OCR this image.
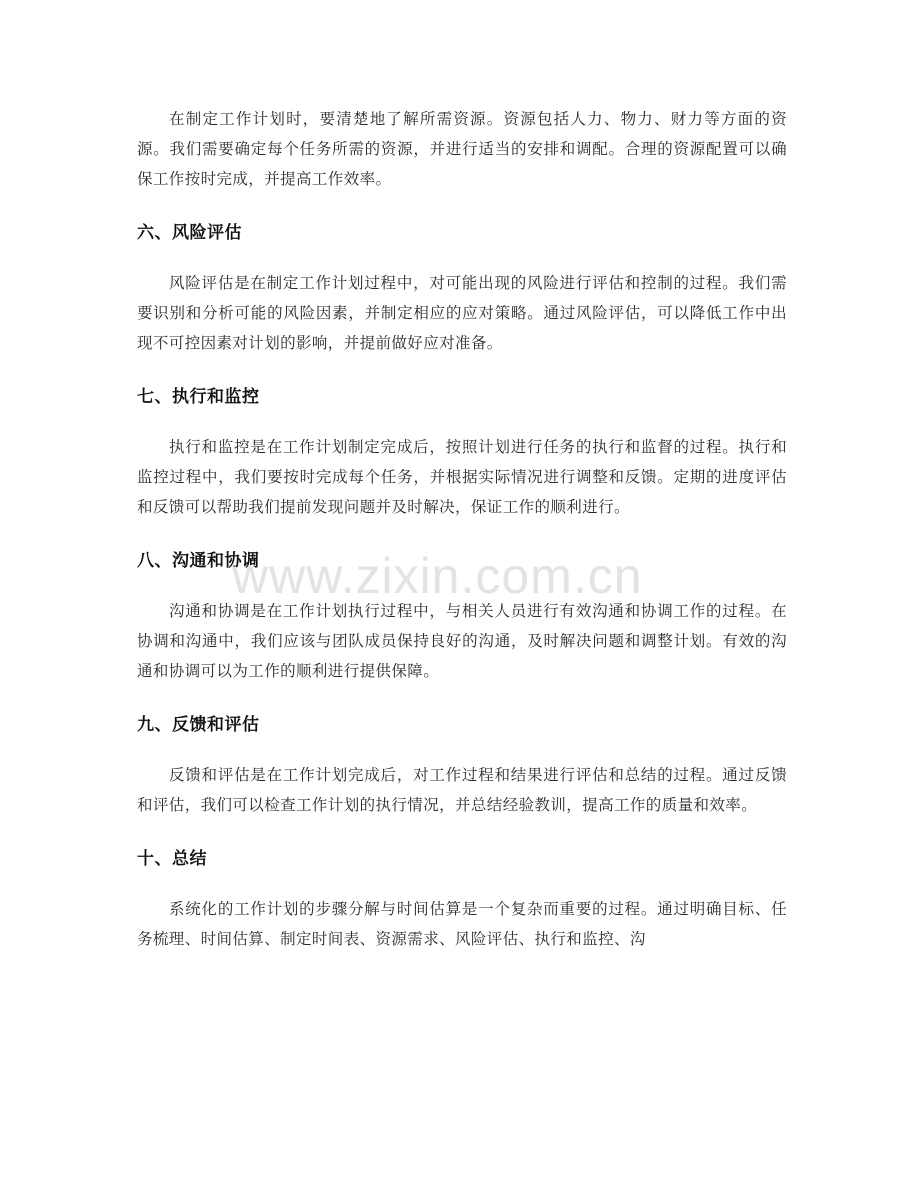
在制定工作计划时，要清楚地了解所需资源。资源包括人力、物力、财力等方面的资源。我们需要确定每个任务所需的资源，并进行适当的安排和调配。合理的资源配置可以确保工作按时完成，并提高工作效率。

六、风险评估

风险评估是在制定工作计划过程中，对可能出现的风险进行评估和控制的过程。我们需要识别和分析可能的风险因素，并制定相应的应对策略。通过风险评估，可以降低工作中出现不可控因素对计划的影响，并提前做好应对准备。

七、执行和监控

执行和监控是在工作计划制定完成后，按照计划进行任务的执行和监督的过程。执行和监控过程中，我们要按时完成每个任务，并根据实际情况进行调整和反馈。定期的进度评估和反馈可以帮助我们提前发现问题并及时解决，保证工作的顺利进行。

八、沟通和协调

沟通和协调是在工作计划执行过程中，与相关人员进行有效沟通和协调工作的过程。在协调和沟通中，我们应该与团队成员保持良好的沟通，及时解决问题和调整计划。有效的沟通和协调可以为工作的顺利进行提供保障。

九、反馈和评估

反馈和评估是在工作计划完成后，对工作过程和结果进行评估和总结的过程。通过反馈和评估，我们可以检查工作计划的执行情况，并总结经验教训，提高工作的质量和效率。

十、总结

系统化的工作计划的步骤分解与时间估算是一个复杂而重要的过程。通过明确目标、任务梳理、时间估算、制定时间表、资源需求、风险评估、执行和监控、沟

www.zixin.com.cn
